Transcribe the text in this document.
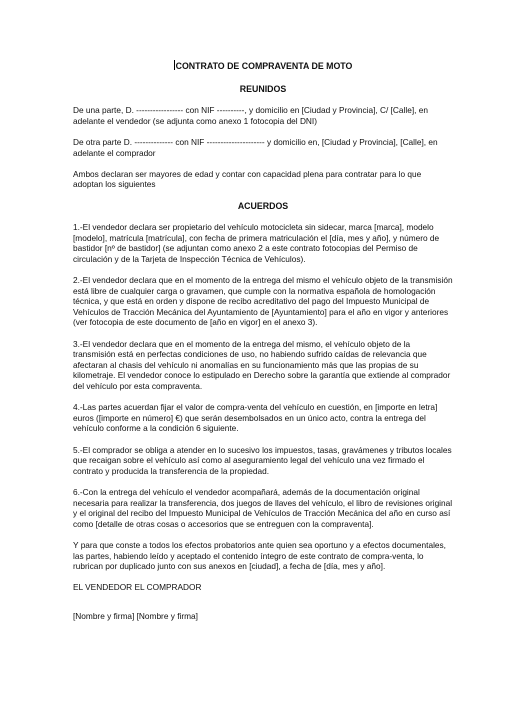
CONTRATO DE COMPRAVENTA DE MOTO
REUNIDOS

De una parte, D. ----------------- con NIF ----------, y domicilio en [Ciudad y Provincia], C/ [Calle], en adelante el vendedor (se adjunta como anexo 1 fotocopia del DNI)

De otra parte D. -------------- con NIF --------------------- y domicilio en, [Ciudad y Provincia], [Calle], en adelante el comprador

Ambos declaran ser mayores de edad y contar con capacidad plena para contratar para lo que adoptan los siguientes

ACUERDOS

1.-El vendedor declara ser propietario del vehículo motocicleta sin sidecar, marca [marca], modelo [modelo], matrícula [matrícula], con fecha de primera matriculación el [día, mes y año], y número de bastidor [nº de bastidor] (se adjuntan como anexo 2 a este contrato fotocopias del Permiso de circulación y de la Tarjeta de Inspección Técnica de Vehículos).

2.-El vendedor declara que en el momento de la entrega del mismo el vehículo objeto de la transmisión está libre de cualquier carga o gravamen, que cumple con la normativa española de homologación técnica, y que está en orden y dispone de recibo acreditativo del pago del Impuesto Municipal de Vehículos de Tracción Mecánica del Ayuntamiento de [Ayuntamiento] para el año en vigor y anteriores (ver fotocopia de este documento de [año en vigor] en el anexo 3).

3.-El vendedor declara que en el momento de la entrega del mismo, el vehículo objeto de la transmisión está en perfectas condiciones de uso, no habiendo sufrido caídas de relevancia que afectaran al chasis del vehículo ni anomalías en su funcionamiento más que las propias de su kilometraje. El vendedor conoce lo estipulado en Derecho sobre la garantía que extiende al comprador del vehículo por esta compraventa.

4.-Las partes acuerdan fijar el valor de compra-venta del vehículo en cuestión, en [importe en letra] euros ([importe en número] €) que serán desembolsados en un único acto, contra la entrega del vehículo conforme a la condición 6 siguiente.

5.-El comprador se obliga a atender en lo sucesivo los impuestos, tasas, gravámenes y tributos locales que recaigan sobre el vehículo así como al aseguramiento legal del vehículo una vez firmado el contrato y producida la transferencia de la propiedad.

6.-Con la entrega del vehículo el vendedor acompañará, además de la documentación original necesaria para realizar la transferencia, dos juegos de llaves del vehículo, el libro de revisiones original y el original del recibo del Impuesto Municipal de Vehículos de Tracción Mecánica del año en curso así como [detalle de otras cosas o accesorios que se entreguen con la compraventa].

Y para que conste a todos los efectos probatorios ante quien sea oportuno y a efectos documentales, las partes, habiendo leído y aceptado el contenido íntegro de este contrato de compra-venta, lo rubrican por duplicado junto con sus anexos en [ciudad], a fecha de [día, mes y año].

EL VENDEDOR EL COMPRADOR

[Nombre y firma] [Nombre y firma]
